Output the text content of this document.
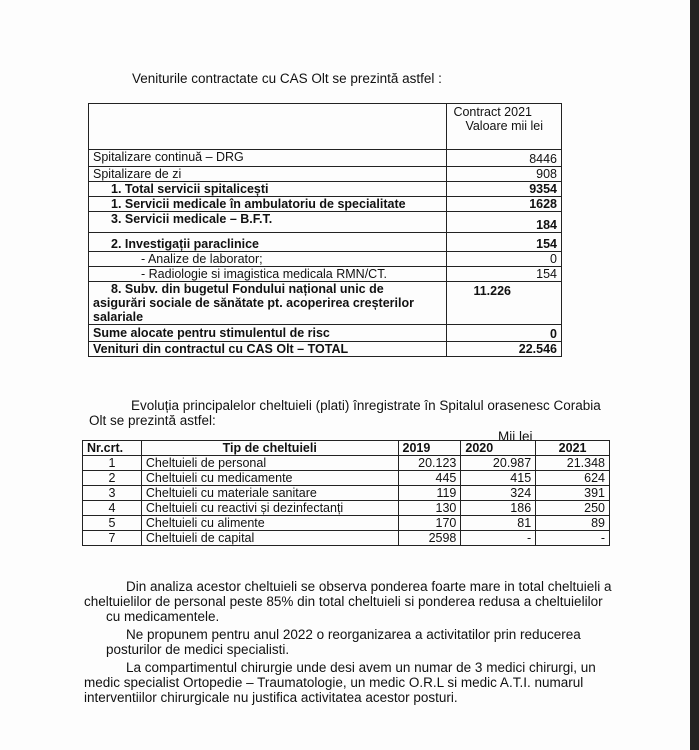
Veniturile contractate cu CAS Olt se prezintă astfel :

	Contract 2021
Valoare mii lei

Spitalizare continuă – DRG	8446
Spitalizare de zi	908
1. Total servicii spitalicești	9354
1. Servicii medicale în ambulatoriu de specialitate	1628
3. Servicii medicale – B.F.T.	184
2. Investigații paraclinice	154
- Analize de laborator;	0
- Radiologie si imagistica medicala RMN/CT.	154

8. Subv. din bugetul Fondului național unic de
asigurări sociale de sănătate pt. acoperirea creșterilor
salariale	11.226
Sume alocate pentru stimulentul de risc	0
Venituri din contractul cu CAS Olt – TOTAL	22.546
Evoluția principalelor cheltuieli (plati) înregistrate în Spitalul orasenesc Corabia
Olt se prezintă astfel:
Mii lei
Nr.crt.	Tip de cheltuieli	2019	2020	2021
1	Cheltuieli de personal	20.123	20.987	21.348
2	Cheltuieli cu medicamente	445	415	624
3	Cheltuieli cu materiale sanitare	119	324	391
4	Cheltuieli cu reactivi și dezinfectanți	130	186	250
5	Cheltuieli cu alimente	170	81	89
7	Cheltuieli de capital	2598	-	-
Din analiza acestor cheltuieli se observa ponderea foarte mare in total cheltuieli a
cheltuielilor de personal peste 85% din total cheltuieli si ponderea redusa a cheltuielilor
cu medicamentele.
Ne propunem pentru anul 2022 o reorganizarea a activitatilor prin reducerea
posturilor de medici specialisti.
La compartimentul chirurgie unde desi avem un numar de 3 medici chirurgi, un
medic specialist Ortopedie – Traumatologie, un medic O.R.L si medic A.T.I. numarul
interventiilor chirurgicale nu justifica activitatea acestor posturi.
